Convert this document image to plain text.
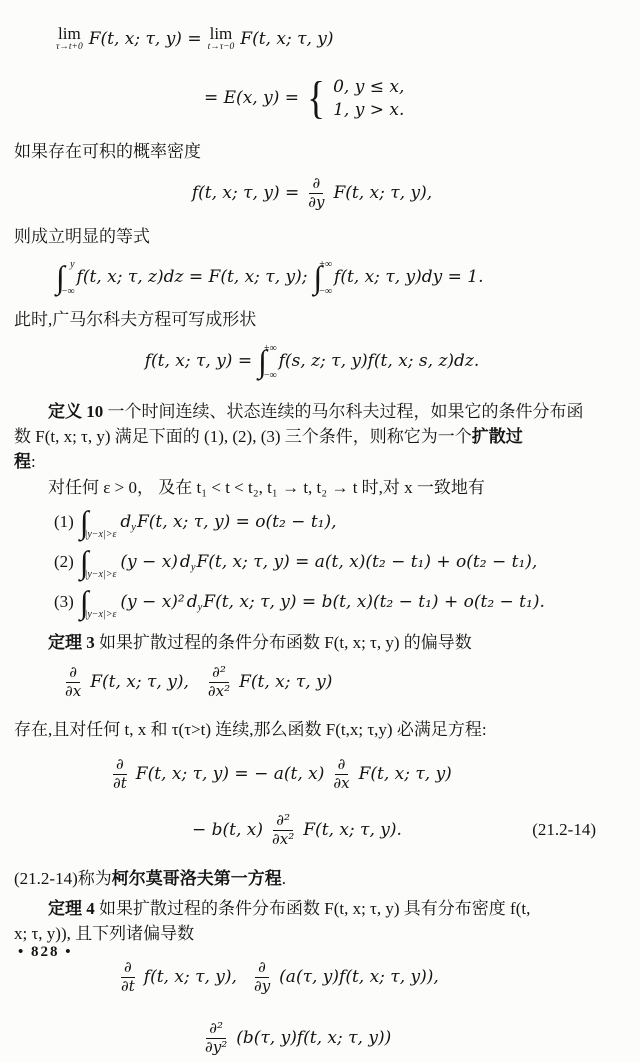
lim
τ→t+0 F(t, x; τ, y) = lim
t→τ−0 F(t, x; τ, y)
= E(x, y) = { 0, y ≤ x,
1, y > x.

如果存在可积的概率密度

f(t, x; τ, $y) = \frac{\partial}{\partial y} F(t$, x; τ, y),

则成立明显的等式

∫ y
−∞
f(t, x; τ, z)dz = F(t, x; τ, y); ∫
+∞
−∞
f(t, x; τ, y)dy = 1.

此时,广马尔科夫方程可写成形状

f(t, x; τ, y) = ∫
+∞
−∞
f(s, z; τ, y)f(t, x; s, z)dz.
定义 10 一个时间连续、状态连续的马尔科夫过程，如果它的条件分布函
数 F(t, x; τ, y) 满足下面的 (1), (2), (3) 三个条件，则称它为一个扩散过
程:

对任何 ε > 0， 及在 t₁ < t < t₂, t₁ → t, t₂ → t 时,对 x 一致地有

(1) ∫
|y−x|>ε
d y F(t, x; τ, y) = o(t₂ − t₁),
(2) ∫
|y−x|>ε
(y − x) d y F(t, x; τ, y) = a(t, x)(t₂ − t₁) + o(t₂ − t₁),
(3) ∫
|y−x|>ε
(y − x)² d y F(t, x; τ, y) = b(t, x)(t₂ − t₁) + o(t₂ − t₁).

定理 3 如果扩散过程的条件分布函数 F(t, x; τ, y) 的偏导数

$\frac{\partial}{\partial x} F(t$, x; τ, y), $\frac{\text{∂²}}{\text{∂x²}} F(t$, x; τ, y)

存在,且对任何 t, x 和 τ(τ>t) 连续,那么函数 F(t,x; τ,y) 必满足方程:

$\frac{\partial}{\partial t} F(t$, x; τ, y) = − a(t, $x) \frac{\partial}{\partial x} F(t$, x; τ, y)
− b(t, $x) \frac{\text{∂²}}{\text{∂x²}} F(t$, x; τ, y).	(21.2-14)

(21.2-14)称为柯尔莫哥洛夫第一方程.

定理 4 如果扩散过程的条件分布函数 F(t, x; τ, y) 具有分布密度 f(t,
x; τ, y)), 且下列诸偏导数
$\frac{\partial}{\partial t} f(t$, x; τ, y), $\frac{\partial}{\partial y} (a(\tau$, y)f(t, x; τ, y)),
$\frac{\text{∂²}}{\text{∂y²}} (b(\tau$, y)f(t, x; τ, y))
• 828 •
